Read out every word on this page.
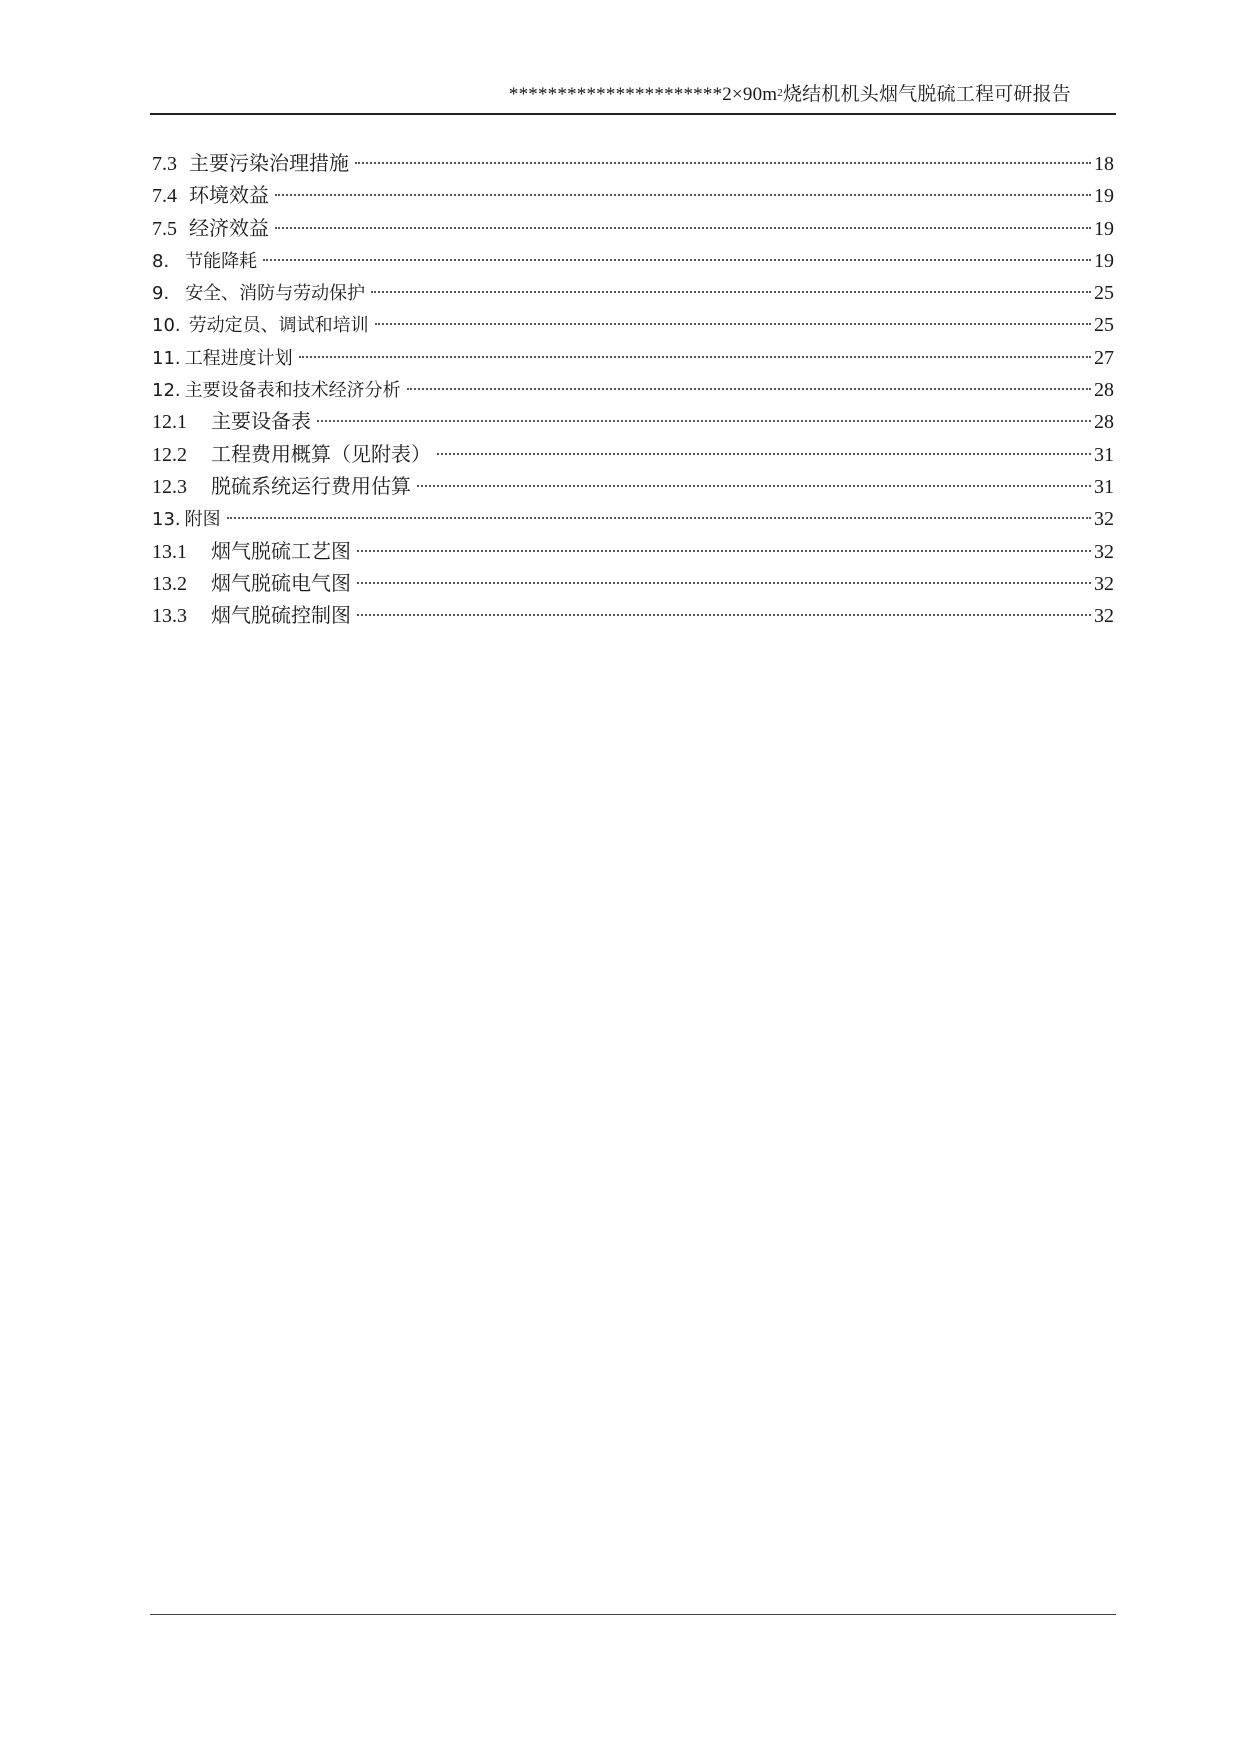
$**********************2\times 90m^2$烧结机机头烟气脱硫工程可研报告
7.3 主要污染治理措施	18
7.4 环境效益	19
7.5 经济效益	19
8. 节能降耗	19
9. 安全、消防与劳动保护	25
10. 劳动定员、调试和培训	25
11. 工程进度计划	27
12. 主要设备表和技术经济分析	28
12.1 主要设备表	28
12.2 工程费用概算（见附表）	31
12.3 脱硫系统运行费用估算	31
13. 附图	32
13.1 烟气脱硫工艺图	32
13.2 烟气脱硫电气图	32
13.3 烟气脱硫控制图	32
